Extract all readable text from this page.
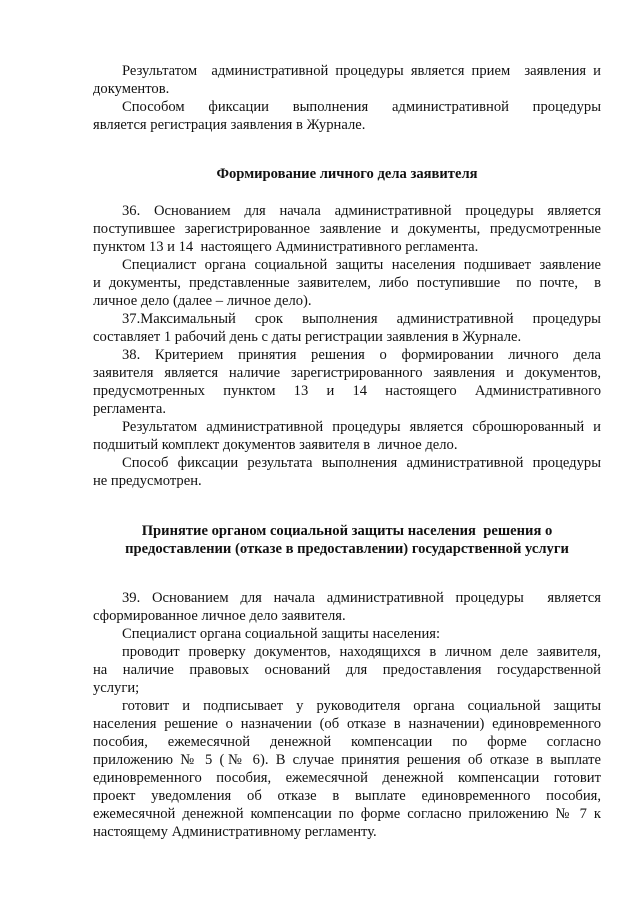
Результатом  административной процедуры является прием  заявления и
документов.
Способом     фиксации     выполнения     административной     процедуры
является регистрация заявления в Журнале.
Формирование личного дела заявителя
36. Основанием для начала административной процедуры является
поступившее зарегистрированное заявление и документы, предусмотренные
пунктом 13 и 14  настоящего Административного регламента.
Специалист органа социальной защиты населения подшивает заявление
и документы, представленные заявителем, либо поступившие  по почте,  в
личное дело (далее – личное дело).
37.Максимальный срок выполнения административной процедуры
составляет 1 рабочий день с даты регистрации заявления в Журнале.
38. Критерием принятия решения о формировании личного дела
заявителя является наличие зарегистрированного заявления и документов,
предусмотренных пунктом 13 и 14 настоящего Административного
регламента.
Результатом административной процедуры является сброшюрованный и
подшитый комплект документов заявителя в  личное дело.
Способ фиксации результата выполнения административной процедуры
не предусмотрен.
Принятие органом социальной защиты населения  решения о
предоставлении (отказе в предоставлении) государственной услуги
39. Основанием для начала административной процедуры  является
сформированное личное дело заявителя.
Специалист органа социальной защиты населения:
проводит проверку документов, находящихся в личном деле заявителя,
на наличие правовых оснований для предоставления государственной
услуги;
готовит и подписывает у руководителя органа социальной защиты
населения решение о назначении (об отказе в назначении) единовременного
пособия, ежемесячной денежной компенсации по форме согласно
приложению № 5 (№ 6). В случае принятия решения об отказе в выплате
единовременного пособия, ежемесячной денежной компенсации готовит
проект уведомления об отказе в выплате единовременного пособия,
ежемесячной денежной компенсации по форме согласно приложению № 7 к
настоящему Административному регламенту.
